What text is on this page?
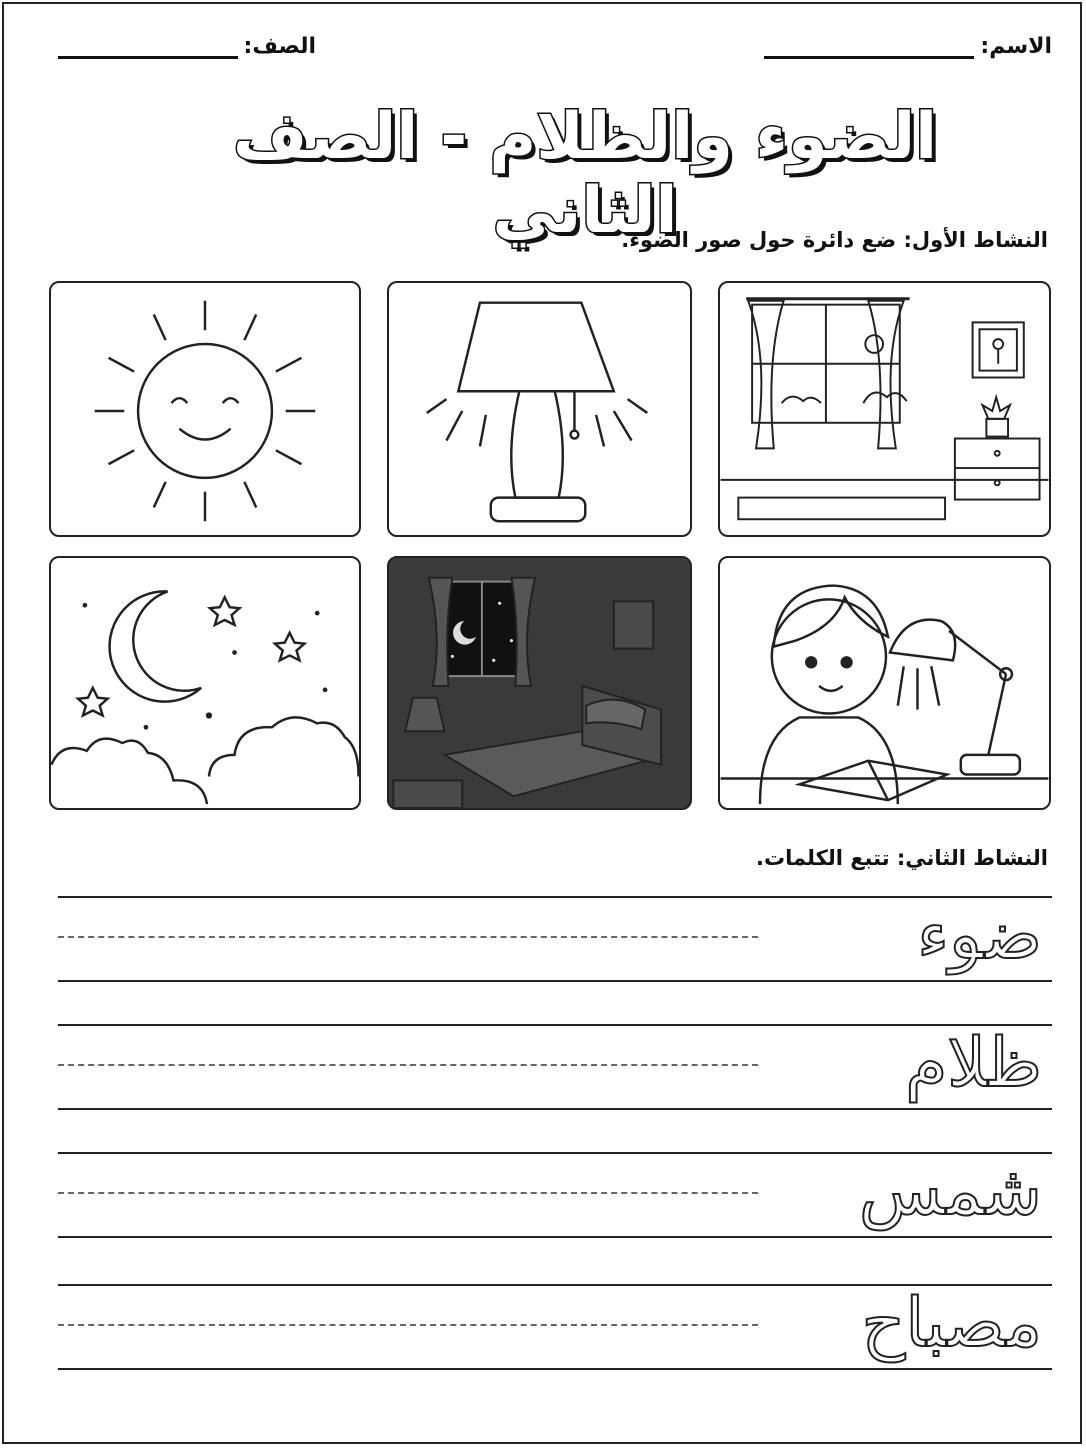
الاسم:
الصف:
الضوء والظلام - الصف الثاني
النشاط الأول: ضع دائرة حول صور الضوء.
النشاط الثاني: تتبع الكلمات.
ضوء
ظلام
شمس
مصباح
